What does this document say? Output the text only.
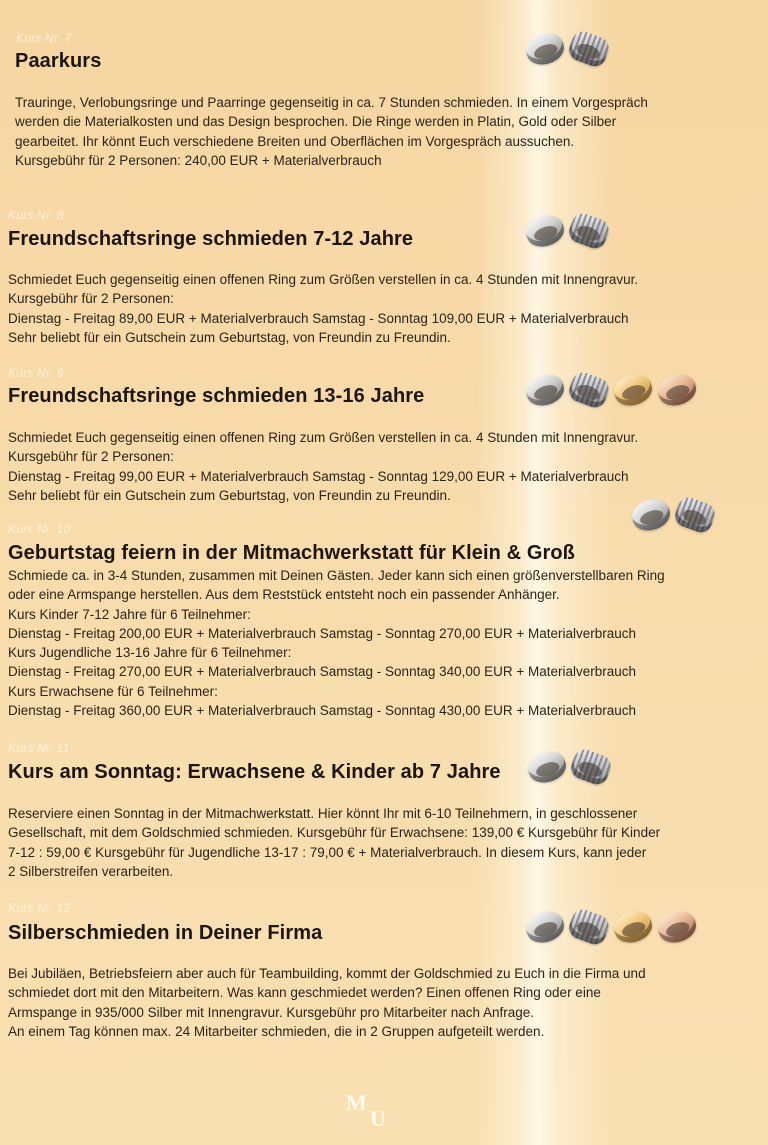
Kurs Nr. 7
Paarkurs
Trauringe, Verlobungsringe und Paarringe gegenseitig in ca. 7 Stunden schmieden. In einem Vorgespräch
werden die Materialkosten und das Design besprochen. Die Ringe werden in Platin, Gold oder Silber
gearbeitet. Ihr könnt Euch verschiedene Breiten und Oberflächen im Vorgespräch aussuchen.
Kursgebühr für 2 Personen: 240,00 EUR + Materialverbrauch
Kurs Nr. 8
Freundschaftsringe schmieden 7-12 Jahre
Schmiedet Euch gegenseitig einen offenen Ring zum Größen verstellen in ca. 4 Stunden mit Innengravur.
Kursgebühr für 2 Personen:
Dienstag - Freitag 89,00 EUR + Materialverbrauch Samstag - Sonntag 109,00 EUR + Materialverbrauch
Sehr beliebt für ein Gutschein zum Geburtstag, von Freundin zu Freundin.
Kurs Nr. 9
Freundschaftsringe schmieden 13-16 Jahre
Schmiedet Euch gegenseitig einen offenen Ring zum Größen verstellen in ca. 4 Stunden mit Innengravur.
Kursgebühr für 2 Personen:
Dienstag - Freitag 99,00 EUR + Materialverbrauch Samstag - Sonntag 129,00 EUR + Materialverbrauch
Sehr beliebt für ein Gutschein zum Geburtstag, von Freundin zu Freundin.
Kurs Nr. 10
Geburtstag feiern in der Mitmachwerkstatt für Klein & Groß
Schmiede ca. in 3-4 Stunden, zusammen mit Deinen Gästen. Jeder kann sich einen größenverstellbaren Ring
oder eine Armspange herstellen. Aus dem Reststück entsteht noch ein passender Anhänger.
Kurs Kinder 7-12 Jahre für 6 Teilnehmer:
Dienstag - Freitag 200,00 EUR + Materialverbrauch Samstag - Sonntag 270,00 EUR + Materialverbrauch
Kurs Jugendliche 13-16 Jahre für 6 Teilnehmer:
Dienstag - Freitag 270,00 EUR + Materialverbrauch Samstag - Sonntag 340,00 EUR + Materialverbrauch
Kurs Erwachsene für 6 Teilnehmer:
Dienstag - Freitag 360,00 EUR + Materialverbrauch Samstag - Sonntag 430,00 EUR + Materialverbrauch
Kurs Nr. 11
Kurs am Sonntag: Erwachsene & Kinder ab 7 Jahre
Reserviere einen Sonntag in der Mitmachwerkstatt. Hier könnt Ihr mit 6-10 Teilnehmern, in geschlossener
Gesellschaft, mit dem Goldschmied schmieden. Kursgebühr für Erwachsene: 139,00 € Kursgebühr für Kinder
7-12 : 59,00 € Kursgebühr für Jugendliche 13-17 : 79,00 € + Materialverbrauch. In diesem Kurs, kann jeder
2 Silberstreifen verarbeiten.
Kurs Nr. 12
Silberschmieden in Deiner Firma
Bei Jubiläen, Betriebsfeiern aber auch für Teambuilding, kommt der Goldschmied zu Euch in die Firma und
schmiedet dort mit den Mitarbeitern. Was kann geschmiedet werden? Einen offenen Ring oder eine
Armspange in 935/000 Silber mit Innengravur. Kursgebühr pro Mitarbeiter nach Anfrage.
An einem Tag können max. 24 Mitarbeiter schmieden, die in 2 Gruppen aufgeteilt werden.
M
U
